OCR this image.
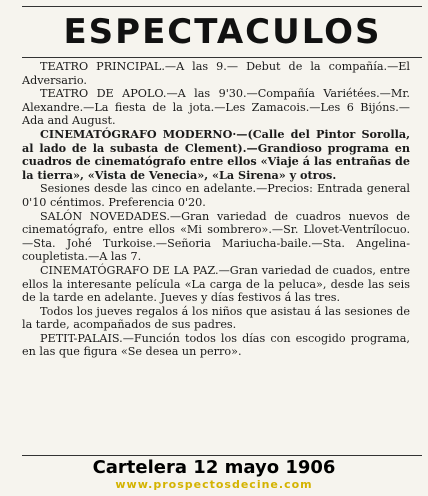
ESPECTACULOS

TEATRO PRINCIPAL.—A las 9.— Debut de la compañía.—El Adversario.

TEATRO DE APOLO.—A las 9'30.—Compañía Variétées.—Mr. Alexandre.—La fiesta de la jota.—Les Zamacois.—Les 6 Bijóns.—Ada and August.

CINEMATÓGRAFO MODERNO·—(Calle del Pintor Sorolla, al lado de la subasta de Clement).—Grandioso programa en cuadros de cinematógrafo entre ellos «Viaje á las entrañas de la tierra», «Vista de Venecia», «La Sirena» y otros.

Sesiones desde las cinco en adelante.—Precios: Entrada general 0'10 céntimos. Preferencia 0'20.

SALÓN NOVEDADES.—Gran variedad de cuadros nuevos de cinematógrafo, entre ellos «Mi sombrero».—Sr. Llovet-Ventrílocuo.—Sta. Johé Turkoise.—Señoria Mariucha-baile.—Sta. Angelina-coupletista.—A las 7.

CINEMATÓGRAFO DE LA PAZ.—Gran variedad de cuados, entre ellos la interesante película «La carga de la peluca», desde las seis de la tarde en adelante. Jueves y días festivos á las tres.

Todos los jueves regalos á los niños que asistau á las sesiones de la tarde, acompañados de sus padres.

PETIT-PALAIS.—Función todos los días con escogido programa, en las que figura «Se desea un perro».

Cartelera 12 mayo 1906
www.prospectosdecine.com
